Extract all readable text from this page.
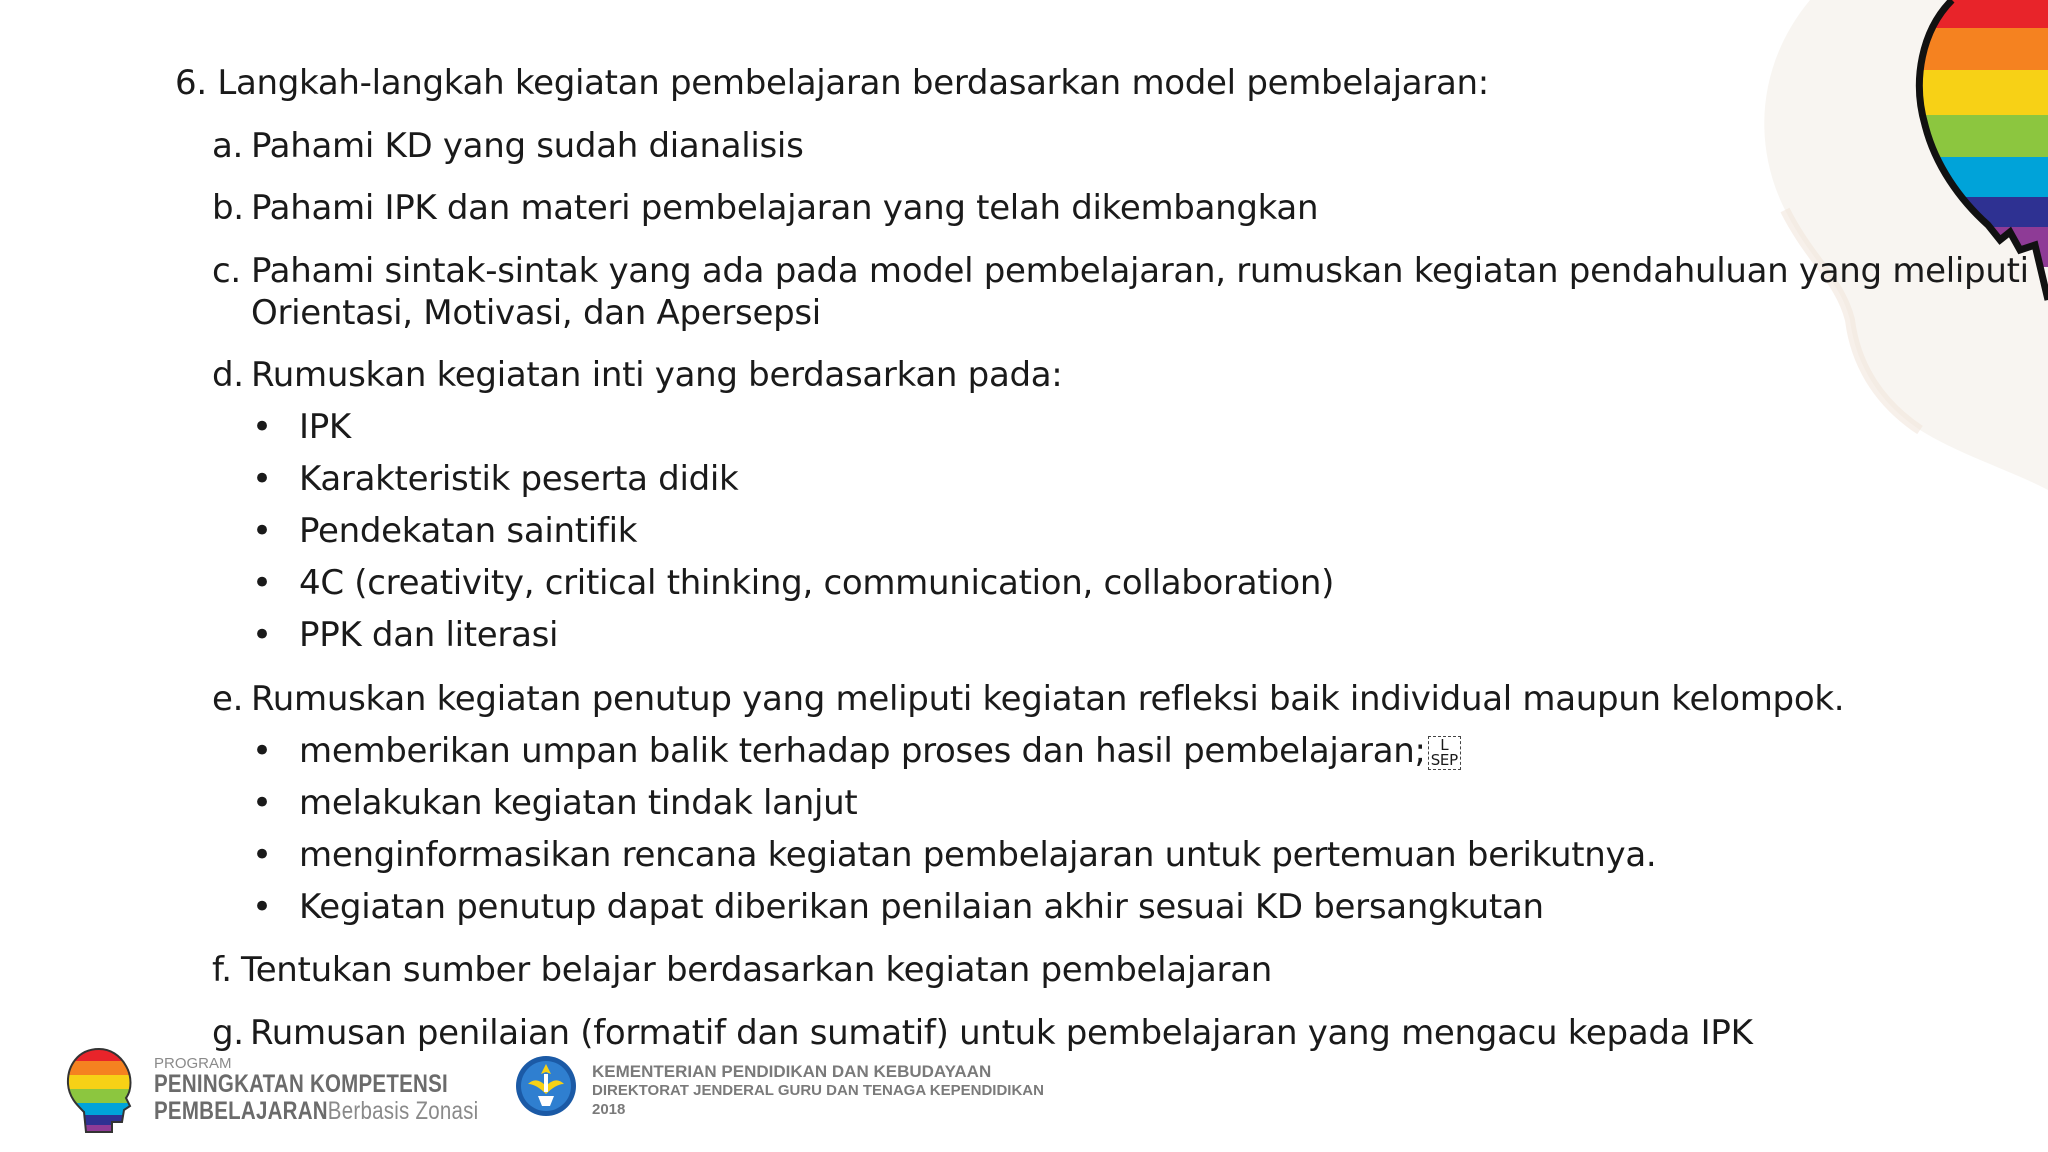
6. Langkah-langkah kegiatan pembelajaran berdasarkan model pembelajaran:
a. Pahami KD yang sudah dianalisis
b. Pahami IPK dan materi pembelajaran yang telah dikembangkan
c. Pahami sintak-sintak yang ada pada model pembelajaran, rumuskan kegiatan pendahuluan yang meliputi
Orientasi, Motivasi, dan Apersepsi
d. Rumuskan kegiatan inti yang berdasarkan pada:
• IPK
• Karakteristik peserta didik
• Pendekatan saintifik
• 4C (creativity, critical thinking, communication, collaboration)
• PPK dan literasi
e. Rumuskan kegiatan penutup yang meliputi kegiatan refleksi baik individual maupun kelompok.
• memberikan umpan balik terhadap proses dan hasil pembelajaran; L
SEP
• melakukan kegiatan tindak lanjut
• menginformasikan rencana kegiatan pembelajaran untuk pertemuan berikutnya.
• Kegiatan penutup dapat diberikan penilaian akhir sesuai KD bersangkutan
f. Tentukan sumber belajar berdasarkan kegiatan pembelajaran
g. Rumusan penilaian (formatif dan sumatif) untuk pembelajaran yang mengacu kepada IPK
PROGRAM
PENINGKATAN KOMPETENSI
PEMBELAJARANBerbasis Zonasi
KEMENTERIAN PENDIDIKAN DAN KEBUDAYAAN
DIREKTORAT JENDERAL GURU DAN TENAGA KEPENDIDIKAN
2018
